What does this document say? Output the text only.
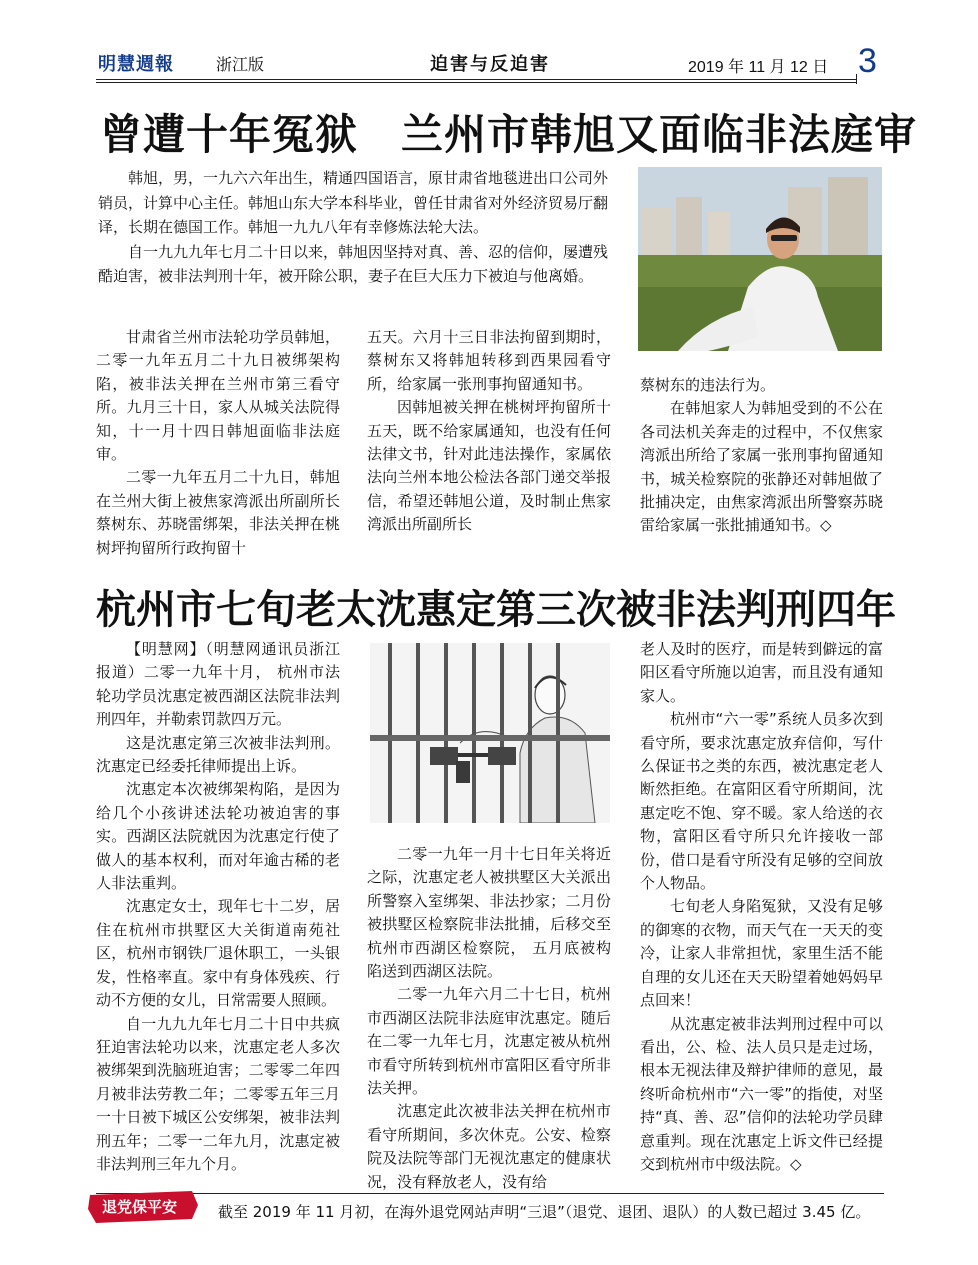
明慧週報	浙江版	迫害与反迫害	2019 年 11 月 12 日 3
曾遭十年冤狱　兰州市韩旭又面临非法庭审

韩旭，男，一九六六年出生，精通四国语言，原甘肃省地毯进出口公司外销员，计算中心主任。韩旭山东大学本科毕业，曾任甘肃省对外经济贸易厅翻译，长期在德国工作。韩旭一九九八年有幸修炼法轮大法。

自一九九九年七月二十日以来，韩旭因坚持对真、善、忍的信仰，屡遭残酷迫害，被非法判刑十年，被开除公职，妻子在巨大压力下被迫与他离婚。

甘肃省兰州市法轮功学员韩旭，二零一九年五月二十九日被绑架构陷，被非法关押在兰州市第三看守所。九月三十日，家人从城关法院得知，十一月十四日韩旭面临非法庭审。

二零一九年五月二十九日，韩旭在兰州大街上被焦家湾派出所副所长蔡树东、苏晓雷绑架，非法关押在桃树坪拘留所行政拘留十

五天。六月十三日非法拘留到期时，蔡树东又将韩旭转移到西果园看守所，给家属一张刑事拘留通知书。

因韩旭被关押在桃树坪拘留所十五天，既不给家属通知，也没有任何法律文书，针对此违法操作，家属依法向兰州本地公检法各部门递交举报信，希望还韩旭公道，及时制止焦家湾派出所副所长

蔡树东的违法行为。

在韩旭家人为韩旭受到的不公在各司法机关奔走的过程中，不仅焦家湾派出所给了家属一张刑事拘留通知书，城关检察院的张静还对韩旭做了批捕决定，由焦家湾派出所警察苏晓雷给家属一张批捕通知书。◇

杭州市七旬老太沈惠定第三次被非法判刑四年

【明慧网】（明慧网通讯员浙江报道）二零一九年十月， 杭州市法轮功学员沈惠定被西湖区法院非法判刑四年，并勒索罚款四万元。

这是沈惠定第三次被非法判刑。沈惠定已经委托律师提出上诉。

沈惠定本次被绑架构陷，是因为给几个小孩讲述法轮功被迫害的事实。西湖区法院就因为沈惠定行使了做人的基本权利，而对年逾古稀的老人非法重判。

沈惠定女士，现年七十二岁，居住在杭州市拱墅区大关街道南苑社区，杭州市钢铁厂退休职工，一头银发，性格率直。家中有身体残疾、行动不方便的女儿，日常需要人照顾。

自一九九九年七月二十日中共疯狂迫害法轮功以来，沈惠定老人多次被绑架到洗脑班迫害；二零零二年四月被非法劳教二年；二零零五年三月一十日被下城区公安绑架，被非法判刑五年；二零一二年九月，沈惠定被非法判刑三年九个月。

二零一九年一月十七日年关将近之际，沈惠定老人被拱墅区大关派出所警察入室绑架、非法抄家；二月份被拱墅区检察院非法批捕，后移交至杭州市西湖区检察院， 五月底被构陷送到西湖区法院。

二零一九年六月二十七日，杭州市西湖区法院非法庭审沈惠定。随后在二零一九年七月，沈惠定被从杭州市看守所转到杭州市富阳区看守所非法关押。

沈惠定此次被非法关押在杭州市看守所期间，多次休克。公安、检察院及法院等部门无视沈惠定的健康状况，没有释放老人，没有给

老人及时的医疗，而是转到僻远的富阳区看守所施以迫害，而且没有通知家人。

杭州市“六一零”系统人员多次到看守所，要求沈惠定放弃信仰，写什么保证书之类的东西，被沈惠定老人断然拒绝。在富阳区看守所期间，沈惠定吃不饱、穿不暖。家人给送的衣物，富阳区看守所只允许接收一部份，借口是看守所没有足够的空间放个人物品。

七旬老人身陷冤狱，又没有足够的御寒的衣物，而天气在一天天的变冷，让家人非常担忧，家里生活不能自理的女儿还在天天盼望着她妈妈早点回来！

从沈惠定被非法判刑过程中可以看出，公、检、法人员只是走过场，根本无视法律及辩护律师的意见，最终听命杭州市“六一零”的指使，对坚持“真、善、忍”信仰的法轮功学员肆意重判。现在沈惠定上诉文件已经提交到杭州市中级法院。◇

退党保平安	截至 2019 年 11 月初，在海外退党网站声明“三退”（退党、退团、退队）的人数已超过 3.45 亿。
